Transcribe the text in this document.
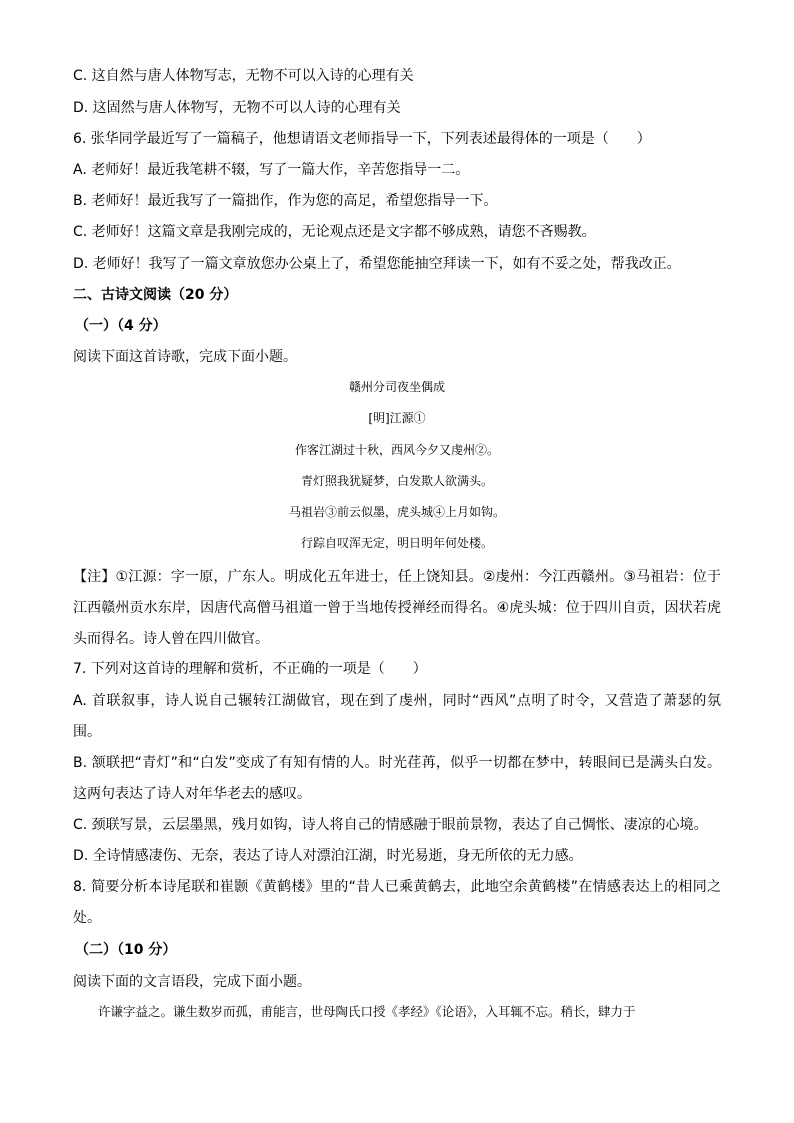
C. 这自然与唐人体物写志，无物不可以入诗的心理有关
D. 这固然与唐人体物写，无物不可以人诗的心理有关
6. 张华同学最近写了一篇稿子，他想请语文老师指导一下，下列表述最得体的一项是（　　）
A. 老师好！最近我笔耕不辍，写了一篇大作，辛苦您指导一二。
B. 老师好！最近我写了一篇拙作，作为您的高足，希望您指导一下。
C. 老师好！这篇文章是我刚完成的，无论观点还是文字都不够成熟，请您不吝赐教。
D. 老师好！我写了一篇文章放您办公桌上了，希望您能抽空拜读一下，如有不妥之处，帮我改正。
二、古诗文阅读（20 分）
（一）（4 分）
阅读下面这首诗歌，完成下面小题。
赣州分司夜坐偶成
[明]江源①
作客江湖过十秋，西风今夕又虔州②。
青灯照我犹疑梦，白发欺人欲满头。
马祖岩③前云似墨，虎头城④上月如钩。
行踪自叹浑无定，明日明年何处楼。
【注】①江源：字一原，广东人。明成化五年进士，任上饶知县。②虔州：今江西赣州。③马祖岩：位于江西赣州贡水东岸，因唐代高僧马祖道一曾于当地传授禅经而得名。④虎头城：位于四川自贡，因状若虎头而得名。诗人曾在四川做官。
7. 下列对这首诗的理解和赏析，不正确的一项是（　　）
A. 首联叙事，诗人说自己辗转江湖做官，现在到了虔州，同时“西风”点明了时令，又营造了萧瑟的氛围。
B. 颔联把“青灯”和“白发”变成了有知有情的人。时光荏苒，似乎一切都在梦中，转眼间已是满头白发。这两句表达了诗人对年华老去的感叹。
C. 颈联写景，云层墨黑，残月如钩，诗人将自己的情感融于眼前景物，表达了自己惆怅、凄凉的心境。
D. 全诗情感凄伤、无奈，表达了诗人对漂泊江湖，时光易逝，身无所依的无力感。
8. 简要分析本诗尾联和崔颢《黄鹤楼》里的“昔人已乘黄鹤去，此地空余黄鹤楼”在情感表达上的相同之处。
（二）（10 分）
阅读下面的文言语段，完成下面小题。
许谦字益之。谦生数岁而孤，甫能言，世母陶氏口授《孝经》《论语》，入耳辄不忘。稍长，肆力于
